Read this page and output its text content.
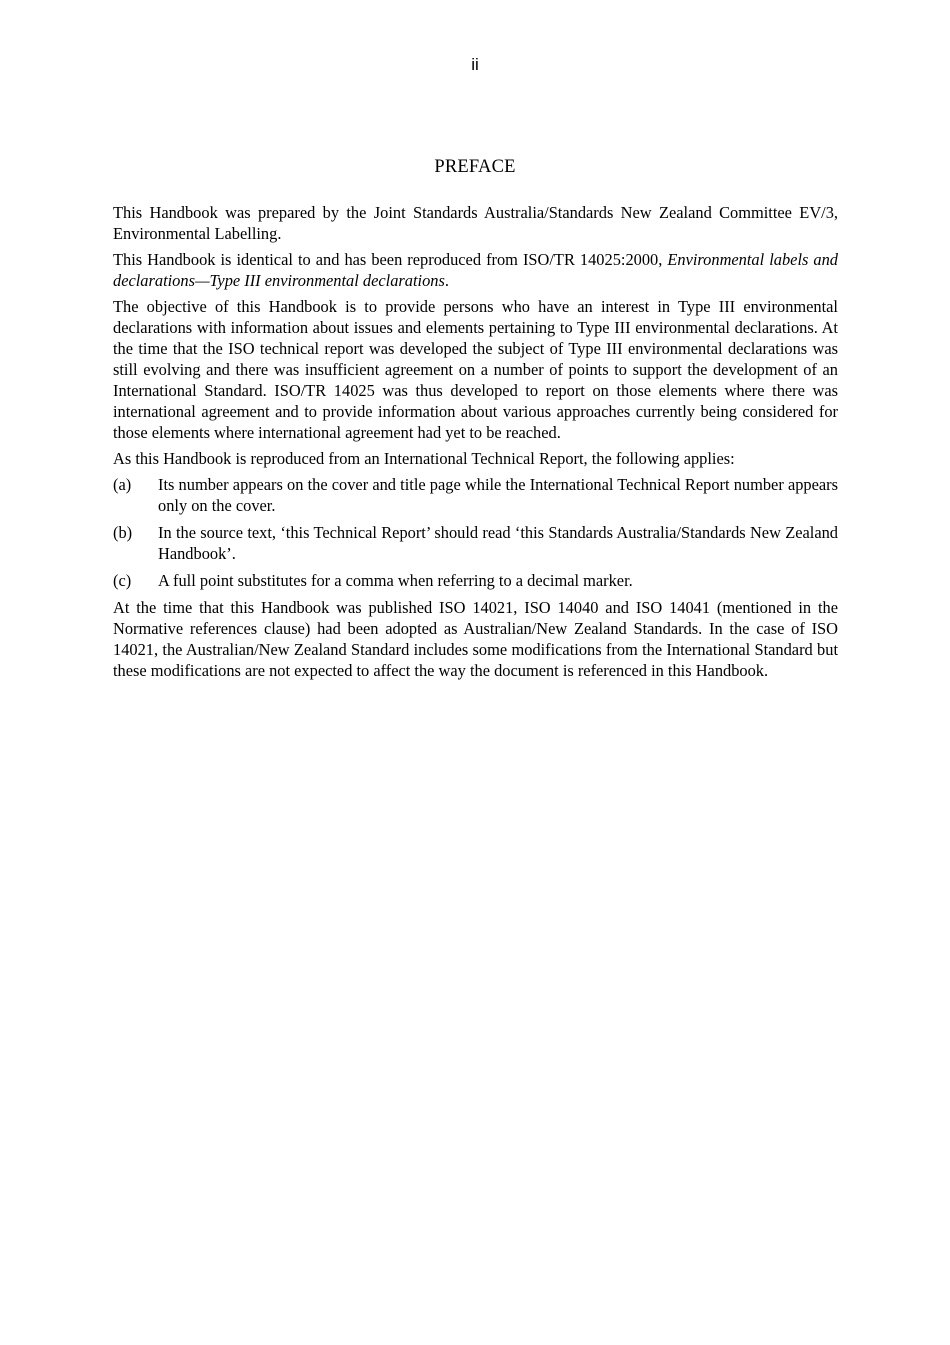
ii
PREFACE

This Handbook was prepared by the Joint Standards Australia/Standards New Zealand Committee EV/3, Environmental Labelling.

This Handbook is identical to and has been reproduced from ISO/TR 14025:2000, Environmental labels and declarations—Type III environmental declarations.

The objective of this Handbook is to provide persons who have an interest in Type III environmental declarations with information about issues and elements pertaining to Type III environmental declarations. At the time that the ISO technical report was developed the subject of Type III environmental declarations was still evolving and there was insufficient agreement on a number of points to support the development of an International Standard. ISO/TR 14025 was thus developed to report on those elements where there was international agreement and to provide information about various approaches currently being considered for those elements where international agreement had yet to be reached.

As this Handbook is reproduced from an International Technical Report, the following applies:

(a)	Its number appears on the cover and title page while the International Technical Report number appears only on the cover.
(b)	In the source text, ‘this Technical Report’ should read ‘this Standards Australia/Standards New Zealand Handbook’.
(c)	A full point substitutes for a comma when referring to a decimal marker.

At the time that this Handbook was published ISO 14021, ISO 14040 and ISO 14041 (mentioned in the Normative references clause) had been adopted as Australian/New Zealand Standards. In the case of ISO 14021, the Australian/New Zealand Standard includes some modifications from the International Standard but these modifications are not expected to affect the way the document is referenced in this Handbook.
